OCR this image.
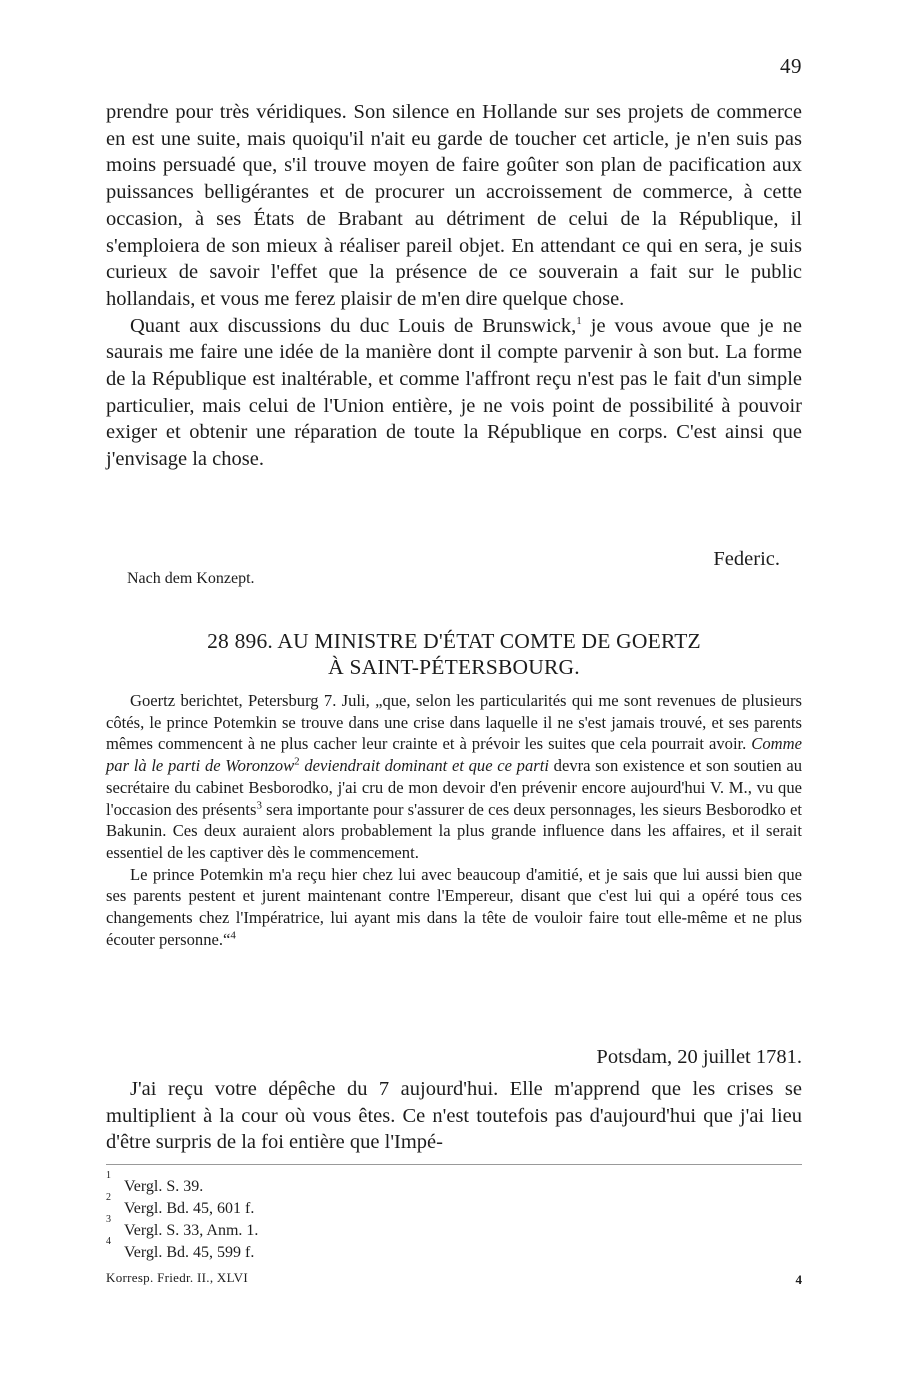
49

prendre pour très véridiques. Son silence en Hollande sur ses projets de commerce en est une suite, mais quoiqu'il n'ait eu garde de toucher cet article, je n'en suis pas moins persuadé que, s'il trouve moyen de faire goûter son plan de pacification aux puissances belligérantes et de procurer un accroissement de commerce, à cette occasion, à ses États de Brabant au détriment de celui de la République, il s'emploiera de son mieux à réaliser pareil objet. En attendant ce qui en sera, je suis curieux de savoir l'effet que la présence de ce souverain a fait sur le public hollandais, et vous me ferez plaisir de m'en dire quelque chose.

Quant aux discussions du duc Louis de Brunswick,$^1$ je vous avoue que je ne saurais me faire une idée de la manière dont il compte parvenir à son but. La forme de la République est inaltérable, et comme l'affront reçu n'est pas le fait d'un simple particulier, mais celui de l'Union entière, je ne vois point de possibilité à pouvoir exiger et obtenir une réparation de toute la République en corps. C'est ainsi que j'envisage la chose.

Federic.
Nach dem Konzept.
28 896. AU MINISTRE D'ÉTAT COMTE DE GOERTZ
À SAINT-PÉTERSBOURG.

Goertz berichtet, Petersburg 7. Juli, „que, selon les particularités qui me sont revenues de plusieurs côtés, le prince Potemkin se trouve dans une crise dans laquelle il ne s'est jamais trouvé, et ses parents mêmes commencent à ne plus cacher leur crainte et à prévoir les suites que cela pourrait avoir. Comme par là le parti de Woronzow$^2$ deviendrait dominant et que ce parti devra son existence et son soutien au secrétaire du cabinet Besborodko, j'ai cru de mon devoir d'en prévenir encore aujourd'hui V. M., vu que l'occasion des présents$^3$ sera importante pour s'assurer de ces deux personnages, les sieurs Besborodko et Bakunin. Ces deux auraient alors probablement la plus grande influence dans les affaires, et il serait essentiel de les captiver dès le commencement.

Le prince Potemkin m'a reçu hier chez lui avec beaucoup d'amitié, et je sais que lui aussi bien que ses parents pestent et jurent maintenant contre l'Empereur, disant que c'est lui qui a opéré tous ces changements chez l'Impératrice, lui ayant mis dans la tête de vouloir faire tout elle-même et ne plus écouter personne.“$^4$

Potsdam, 20 juillet 1781.

J'ai reçu votre dépêche du 7 aujourd'hui. Elle m'apprend que les crises se multiplient à la cour où vous êtes. Ce n'est toutefois pas d'aujourd'hui que j'ai lieu d'être surpris de la foi entière que l'Impé-

1
Vergl. S. 39.
2
Vergl. Bd. 45, 601 f.
3
Vergl. S. 33, Anm. 1.
4
Vergl. Bd. 45, 599 f.
Korresp. Friedr. II., XLVI	4
